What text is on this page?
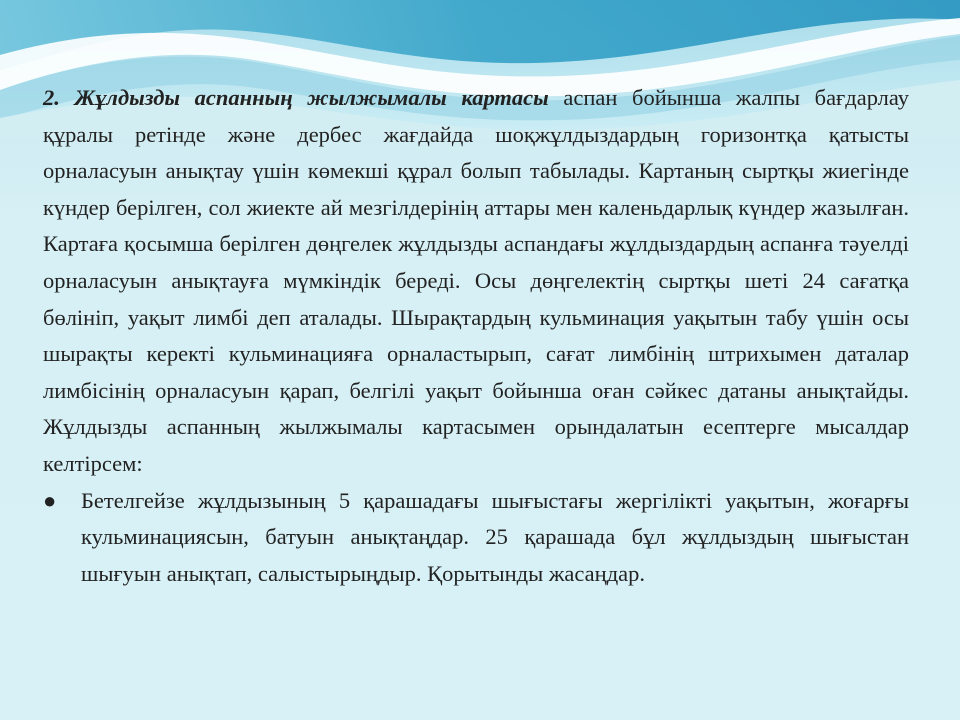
2. Жұлдызды аспанның жылжымалы картасы аспан бойынша жалпы бағдарлау құралы ретінде және дербес жағдайда шоқжұлдыздардың горизонтқа қатысты орналасуын анықтау үшін көмекші құрал болып табылады. Картаның сыртқы жиегінде күндер берілген, сол жиекте ай мезгілдерінің аттары мен каленьдарлық күндер жазылған. Картаға қосымша берілген дөңгелек жұлдызды аспандағы жұлдыздардың аспанға тәуелді орналасуын анықтауға мүмкіндік береді. Осы дөңгелектің сыртқы шеті 24 сағатқа бөлініп, уақыт лимбі деп аталады. Шырақтардың кульминация уақытын табу үшін осы шырақты керекті кульминацияға орналастырып, сағат лимбінің штрихымен даталар лимбісінің орналасуын қарап, белгілі уақыт бойынша оған сәйкес датаны анықтайды. Жұлдызды аспанның жылжымалы картасымен орындалатын есептерге мысалдар келтірсем:

●	Бетелгейзе жұлдызының 5 қарашадағы шығыстағы жергілікті уақытын, жоғарғы кульминациясын, батуын анықтаңдар. 25 қарашада бұл жұлдыздың шығыстан шығуын анықтап, салыстырыңдыр. Қорытынды жасаңдар.
